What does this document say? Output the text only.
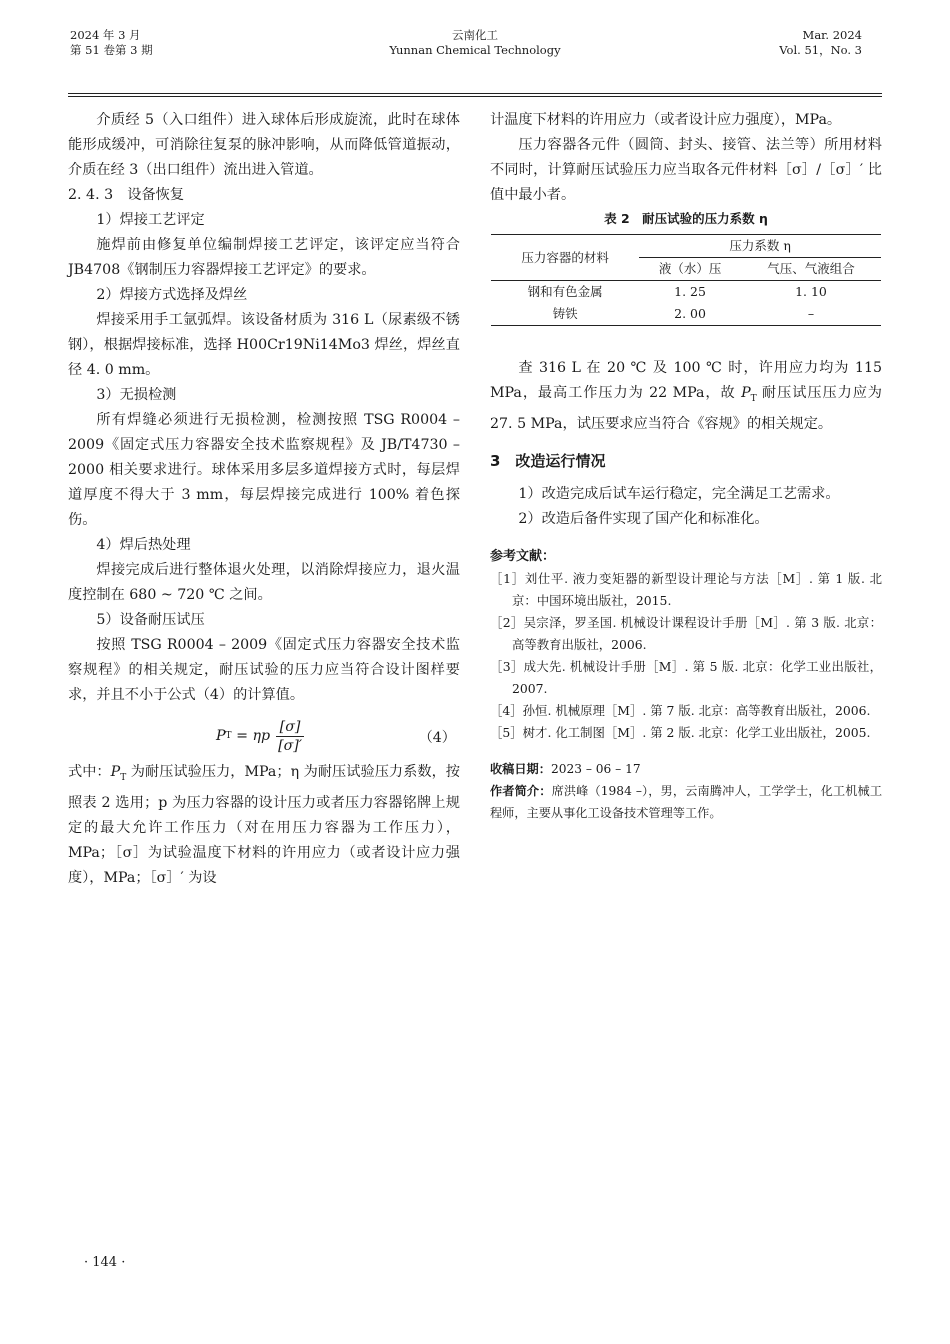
2024 年 3 月
第 51 卷第 3 期
云南化工
Yunnan Chemical Technology
Mar. 2024
Vol. 51，No. 3

介质经 5（入口组件）进入球体后形成旋流，此时在球体能形成缓冲，可消除往复泵的脉冲影响，从而降低管道振动，介质在经 3（出口组件）流出进入管道。

2. 4. 3　设备恢复

1）焊接工艺评定

施焊前由修复单位编制焊接工艺评定，该评定应当符合 JB4708《钢制压力容器焊接工艺评定》的要求。

2）焊接方式选择及焊丝

焊接采用手工氩弧焊。该设备材质为 316 L（尿素级不锈钢），根据焊接标准，选择 H00Cr19Ni14Mo3 焊丝，焊丝直径 4. 0 mm。

3）无损检测

所有焊缝必须进行无损检测，检测按照 TSG R0004 – 2009《固定式压力容器安全技术监察规程》及 JB/T4730 – 2000 相关要求进行。球体采用多层多道焊接方式时，每层焊道厚度不得大于 3 mm，每层焊接完成进行 100% 着色探伤。

4）焊后热处理

焊接完成后进行整体退火处理，以消除焊接应力，退火温度控制在 680 ~ 720 ℃ 之间。

5）设备耐压试压

按照 TSG R0004 – 2009《固定式压力容器安全技术监察规程》的相关规定，耐压试验的压力应当符合设计图样要求，并且不小于公式（4）的计算值。

P T = ηp $\frac{[\sigma]}{[\sigma]'}$	（4）

式中：$P_T$ 为耐压试验压力，MPa；η 为耐压试验压力系数，按照表 2 选用；p 为压力容器的设计压力或者压力容器铭牌上规定的最大允许工作压力（对在用压力容器为工作压力），MPa；［σ］为试验温度下材料的许用应力（或者设计应力强度），MPa；［σ］′ 为设

计温度下材料的许用应力（或者设计应力强度），MPa。

压力容器各元件（圆筒、封头、接管、法兰等）所用材料不同时，计算耐压试验压力应当取各元件材料［σ］/［σ］′ 比值中最小者。

表 2　耐压试验的压力系数 η
压力容器的材料	压力系数 η	
	液（水）压	气压、气液组合
钢和有色金属	1. 25	1. 10
铸铁	2. 00	–

查 316 L 在 20 ℃ 及 100 ℃ 时，许用应力均为 115 MPa，最高工作压力为 22 MPa，故 $P_T$ 耐压试压压力应为 27. 5 MPa，试压要求应当符合《容规》的相关规定。

3　改造运行情况

1）改造完成后试车运行稳定，完全满足工艺需求。

2）改造后备件实现了国产化和标准化。

参考文献：

［1］刘仕平. 液力变矩器的新型设计理论与方法［M］. 第 1 版. 北京：中国环境出版社，2015.

［2］吴宗泽，罗圣国. 机械设计课程设计手册［M］. 第 3 版. 北京：高等教育出版社，2006.

［3］成大先. 机械设计手册［M］. 第 5 版. 北京：化学工业出版社，2007.

［4］孙恒. 机械原理［M］. 第 7 版. 北京：高等教育出版社，2006.

［5］树才. 化工制图［M］. 第 2 版. 北京：化学工业出版社，2005.

收稿日期：2023 – 06 – 17

作者简介：席洪峰（1984 –），男，云南腾冲人，工学学士，化工机械工程师，主要从事化工设备技术管理等工作。

· 144 ·
